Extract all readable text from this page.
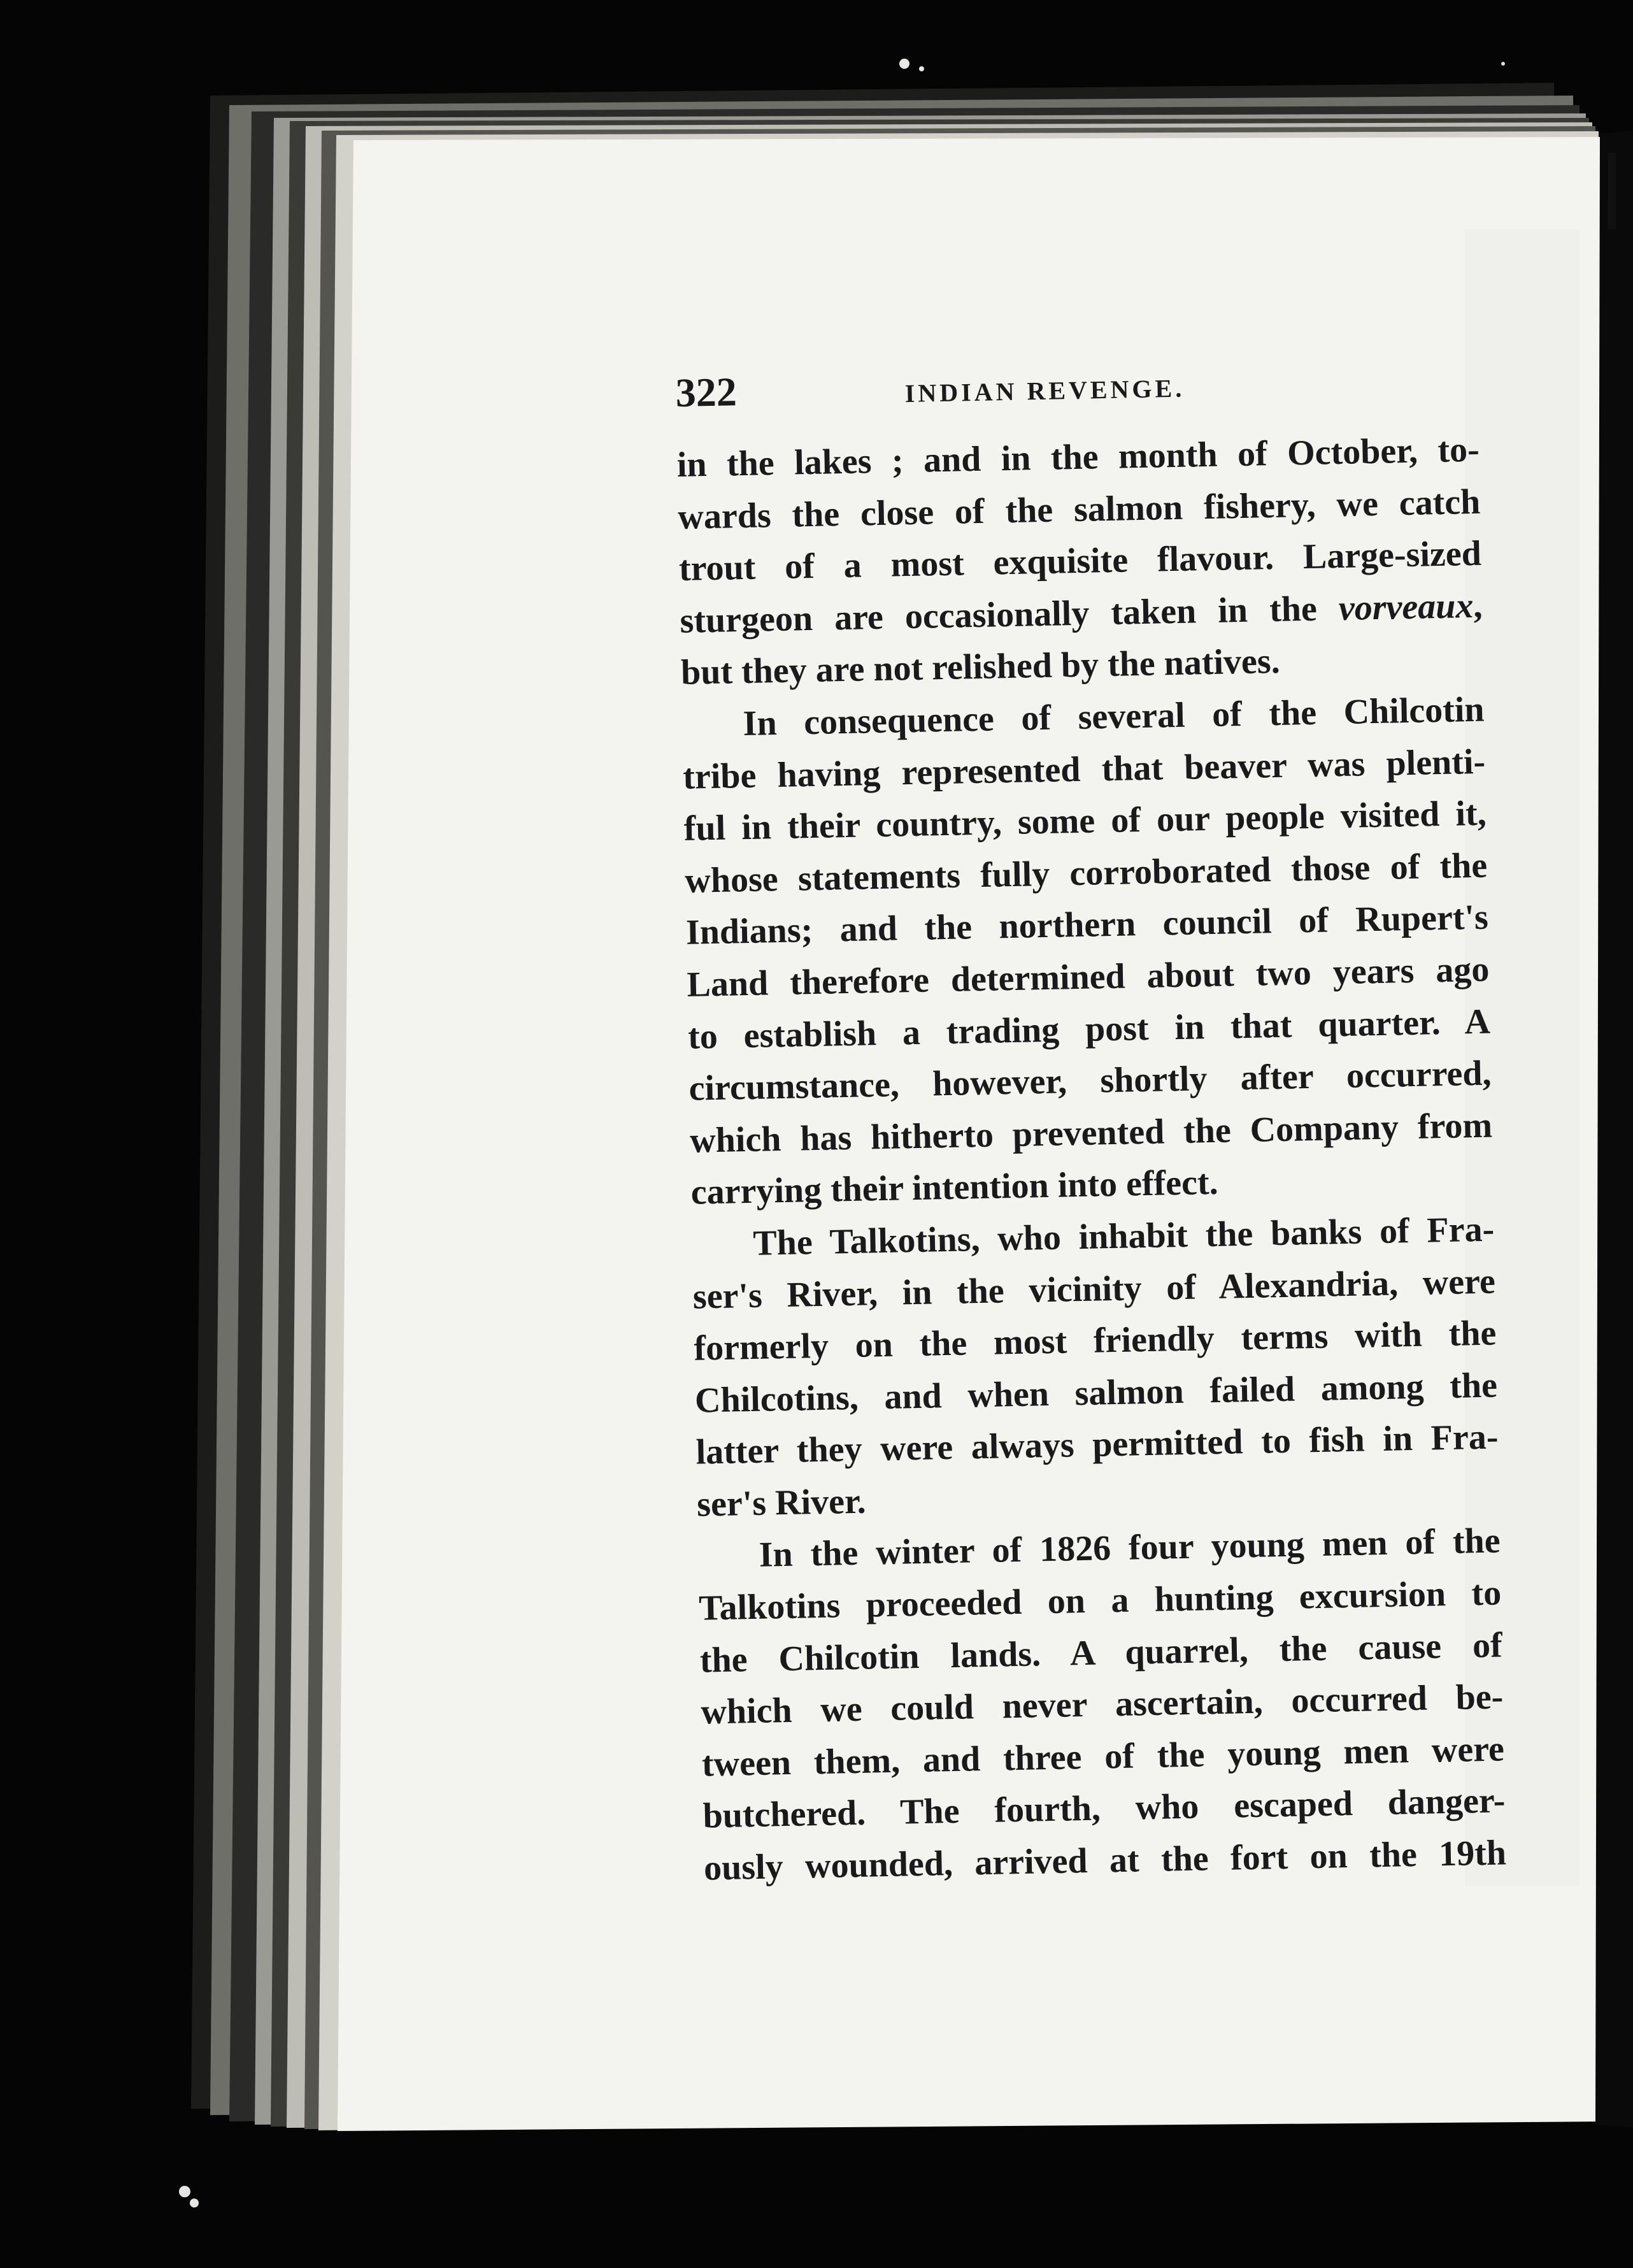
322	INDIAN REVENGE.
in the lakes ; and in the month of October, to-
wards the close of the salmon fishery, we catch
trout of a most exquisite flavour. Large-sized
sturgeon are occasionally taken in the vorveaux,
but they are not relished by the natives.
In consequence of several of the Chilcotin
tribe having represented that beaver was plenti-
ful in their country, some of our people visited it,
whose statements fully corroborated those of the
Indians; and the northern council of Rupert's
Land therefore determined about two years ago
to establish a trading post in that quarter. A
circumstance, however, shortly after occurred,
which has hitherto prevented the Company from
carrying their intention into effect.
The Talkotins, who inhabit the banks of Fra-
ser's River, in the vicinity of Alexandria, were
formerly on the most friendly terms with the
Chilcotins, and when salmon failed among the
latter they were always permitted to fish in Fra-
ser's River.
In the winter of 1826 four young men of the
Talkotins proceeded on a hunting excursion to
the Chilcotin lands. A quarrel, the cause of
which we could never ascertain, occurred be-
tween them, and three of the young men were
butchered. The fourth, who escaped danger-
ously wounded, arrived at the fort on the 19th
